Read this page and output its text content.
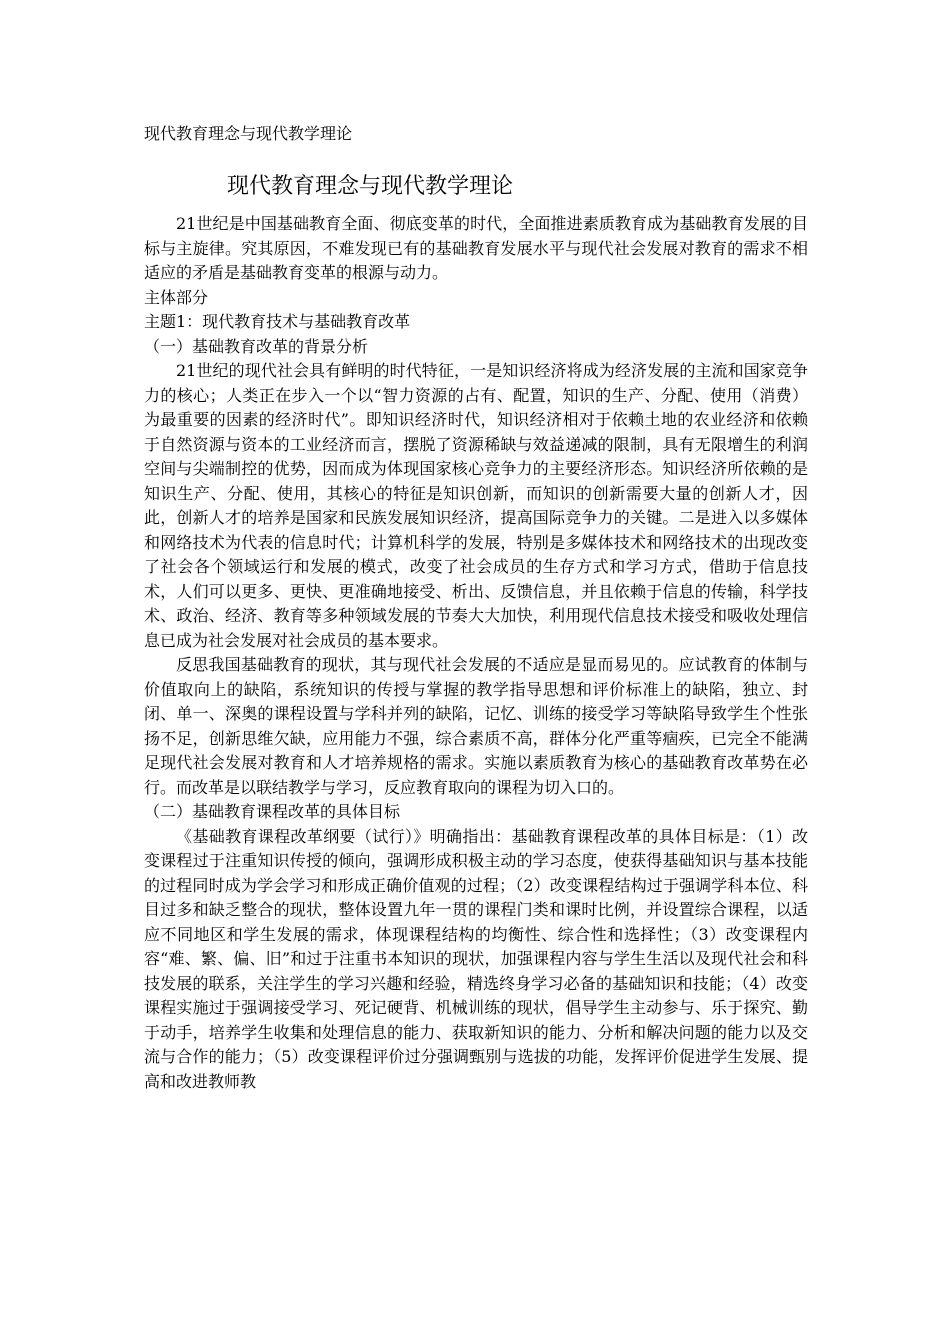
现代教育理念与现代教学理论
现代教育理念与现代教学理论

21世纪是中国基础教育全面、彻底变革的时代，全面推进素质教育成为基础教育发展的目标与主旋律。究其原因，不难发现已有的基础教育发展水平与现代社会发展对教育的需求不相适应的矛盾是基础教育变革的根源与动力。

主体部分

主题1：现代教育技术与基础教育改革

（一）基础教育改革的背景分析

21世纪的现代社会具有鲜明的时代特征，一是知识经济将成为经济发展的主流和国家竞争力的核心；人类正在步入一个以“智力资源的占有、配置，知识的生产、分配、使用（消费）为最重要的因素的经济时代”。即知识经济时代，知识经济相对于依赖土地的农业经济和依赖于自然资源与资本的工业经济而言，摆脱了资源稀缺与效益递减的限制，具有无限增生的利润空间与尖端制控的优势，因而成为体现国家核心竞争力的主要经济形态。知识经济所依赖的是知识生产、分配、使用，其核心的特征是知识创新，而知识的创新需要大量的创新人才，因此，创新人才的培养是国家和民族发展知识经济，提高国际竞争力的关键。二是进入以多媒体和网络技术为代表的信息时代；计算机科学的发展，特别是多媒体技术和网络技术的出现改变了社会各个领域运行和发展的模式，改变了社会成员的生存方式和学习方式，借助于信息技术，人们可以更多、更快、更准确地接受、析出、反馈信息，并且依赖于信息的传输，科学技术、政治、经济、教育等多种领域发展的节奏大大加快，利用现代信息技术接受和吸收处理信息已成为社会发展对社会成员的基本要求。

反思我国基础教育的现状，其与现代社会发展的不适应是显而易见的。应试教育的体制与价值取向上的缺陷，系统知识的传授与掌握的教学指导思想和评价标准上的缺陷，独立、封闭、单一、深奥的课程设置与学科并列的缺陷，记忆、训练的接受学习等缺陷导致学生个性张扬不足，创新思维欠缺，应用能力不强，综合素质不高，群体分化严重等痼疾，已完全不能满足现代社会发展对教育和人才培养规格的需求。实施以素质教育为核心的基础教育改革势在必行。而改革是以联结教学与学习，反应教育取向的课程为切入口的。

（二）基础教育课程改革的具体目标

《基础教育课程改革纲要（试行）》明确指出：基础教育课程改革的具体目标是：（1）改变课程过于注重知识传授的倾向，强调形成积极主动的学习态度，使获得基础知识与基本技能的过程同时成为学会学习和形成正确价值观的过程；（2）改变课程结构过于强调学科本位、科目过多和缺乏整合的现状，整体设置九年一贯的课程门类和课时比例，并设置综合课程，以适应不同地区和学生发展的需求，体现课程结构的均衡性、综合性和选择性；（3）改变课程内容“难、繁、偏、旧”和过于注重书本知识的现状，加强课程内容与学生生活以及现代社会和科技发展的联系，关注学生的学习兴趣和经验，精选终身学习必备的基础知识和技能；（4）改变课程实施过于强调接受学习、死记硬背、机械训练的现状，倡导学生主动参与、乐于探究、勤于动手，培养学生收集和处理信息的能力、获取新知识的能力、分析和解决问题的能力以及交流与合作的能力；（5）改变课程评价过分强调甄别与选拔的功能，发挥评价促进学生发展、提高和改进教师教
